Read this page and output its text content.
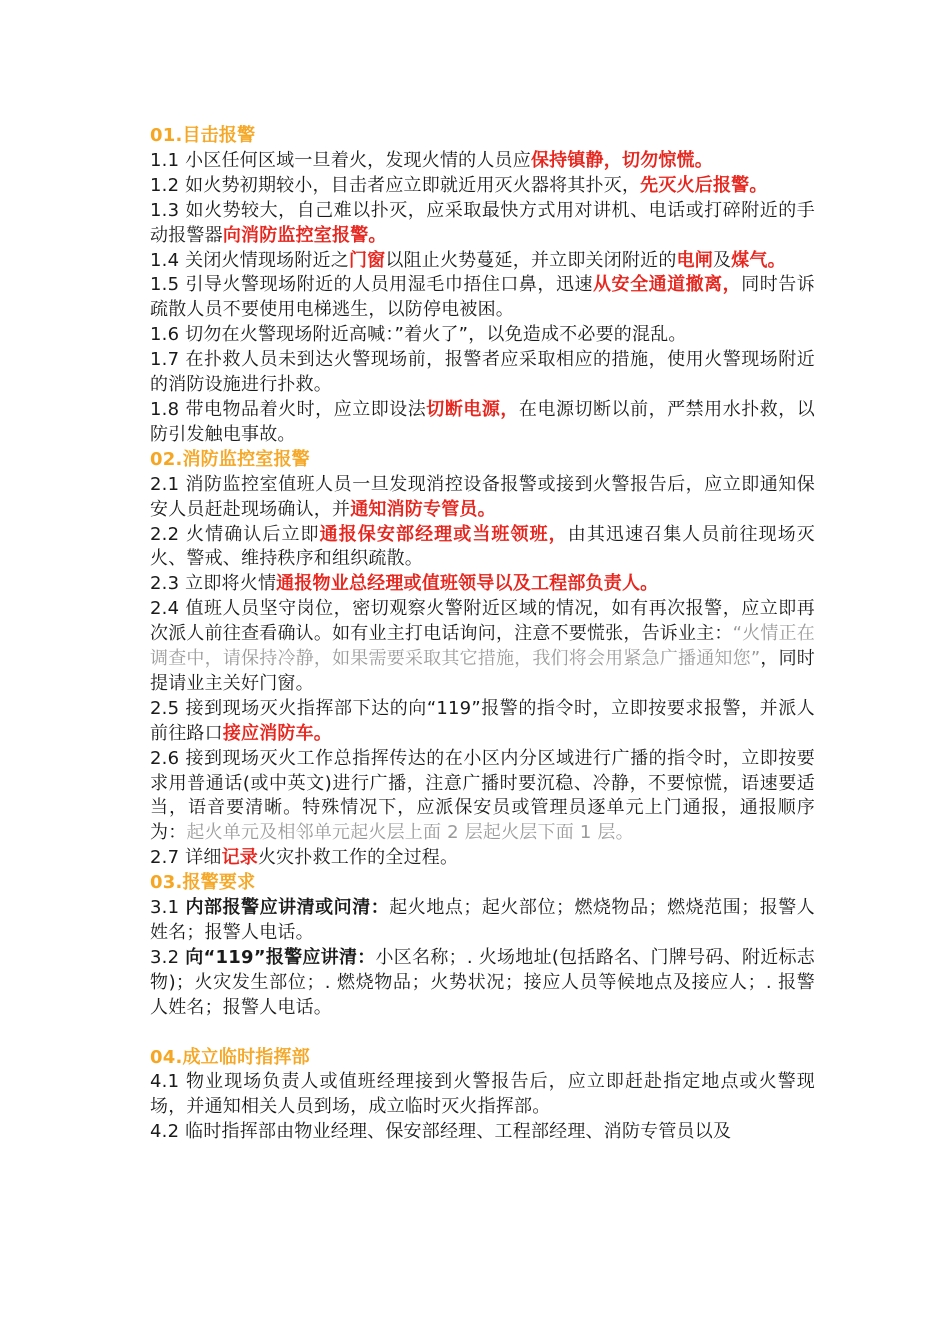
01.目击报警

1.1 小区任何区域一旦着火，发现火情的人员应保持镇静，切勿惊慌。

1.2 如火势初期较小，目击者应立即就近用灭火器将其扑灭，先灭火后报警。

1.3 如火势较大，自己难以扑灭，应采取最快方式用对讲机、电话或打碎附近的手动报警器向消防监控室报警。

1.4 关闭火情现场附近之门窗以阻止火势蔓延，并立即关闭附近的电闸及煤气。

1.5 引导火警现场附近的人员用湿毛巾捂住口鼻，迅速从安全通道撤离，同时告诉疏散人员不要使用电梯逃生，以防停电被困。

1.6 切勿在火警现场附近高喊：”着火了”，以免造成不必要的混乱。

1.7 在扑救人员未到达火警现场前，报警者应采取相应的措施，使用火警现场附近的消防设施进行扑救。

1.8 带电物品着火时，应立即设法切断电源，在电源切断以前，严禁用水扑救，以防引发触电事故。

02.消防监控室报警

2.1 消防监控室值班人员一旦发现消控设备报警或接到火警报告后，应立即通知保安人员赶赴现场确认，并通知消防专管员。

2.2 火情确认后立即通报保安部经理或当班领班，由其迅速召集人员前往现场灭火、警戒、维持秩序和组织疏散。

2.3 立即将火情通报物业总经理或值班领导以及工程部负责人。

2.4 值班人员坚守岗位，密切观察火警附近区域的情况，如有再次报警，应立即再次派人前往查看确认。如有业主打电话询问，注意不要慌张，告诉业主：“火情正在调查中，请保持冷静，如果需要采取其它措施，我们将会用紧急广播通知您”，同时提请业主关好门窗。

2.5 接到现场灭火指挥部下达的向“119”报警的指令时，立即按要求报警，并派人前往路口接应消防车。

2.6 接到现场灭火工作总指挥传达的在小区内分区域进行广播的指令时，立即按要求用普通话(或中英文)进行广播，注意广播时要沉稳、冷静，不要惊慌，语速要适当，语音要清晰。特殊情况下，应派保安员或管理员逐单元上门通报，通报顺序为：起火单元及相邻单元起火层上面 2 层起火层下面 1 层。

2.7 详细记录火灾扑救工作的全过程。

03.报警要求

3.1 内部报警应讲清或问清：起火地点；起火部位；燃烧物品；燃烧范围；报警人姓名；报警人电话。

3.2 向“119”报警应讲清：小区名称；. 火场地址(包括路名、门牌号码、附近标志物)；火灾发生部位；. 燃烧物品；火势状况；接应人员等候地点及接应人；. 报警人姓名；报警人电话。

04.成立临时指挥部

4.1 物业现场负责人或值班经理接到火警报告后，应立即赶赴指定地点或火警现场，并通知相关人员到场，成立临时灭火指挥部。

4.2 临时指挥部由物业经理、保安部经理、工程部经理、消防专管员以及
